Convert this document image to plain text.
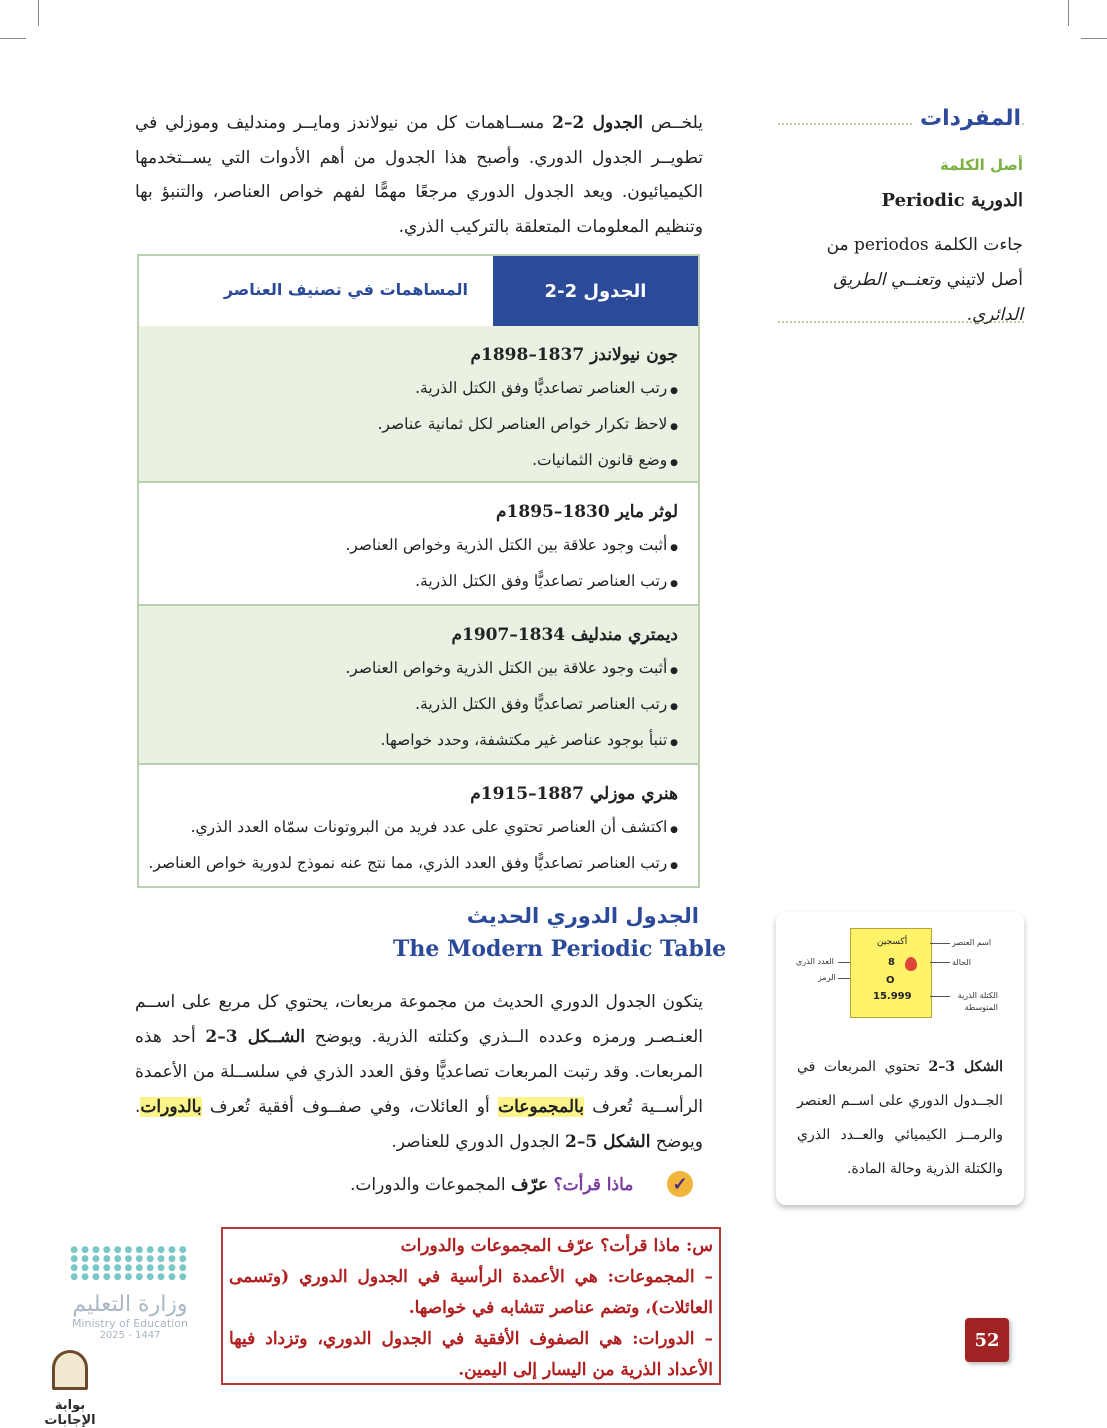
يلخــص الجدول 2–2 مســاهمات كل من نيولاندز ومايــر ومندليف وموزلي في تطويــر الجدول الدوري. وأصبح هذا الجدول من أهم الأدوات التي يســتخدمها الكيميائيون. ويعد الجدول الدوري مرجعًا مهمًّا لفهم خواص العناصر، والتنبؤ بها وتنظيم المعلومات المتعلقة بالتركيب الذري.
المفردات
أصل الكلمة
الدورية Periodic
جاءت الكلمة periodos من أصل لاتيني وتعنــي الطريق الدائري.
الجدول 2-2
المساهمات في تصنيف العناصر
جون نيولاندز 1837–1898م
● رتب العناصر تصاعديًّا وفق الكتل الذرية.
● لاحظ تكرار خواص العناصر لكل ثمانية عناصر.
● وضع قانون الثمانيات.
لوثر ماير 1830–1895م
● أثبت وجود علاقة بين الكتل الذرية وخواص العناصر.
● رتب العناصر تصاعديًّا وفق الكتل الذرية.
ديمتري مندليف 1834–1907م
● أثبت وجود علاقة بين الكتل الذرية وخواص العناصر.
● رتب العناصر تصاعديًّا وفق الكتل الذرية.
● تنبأ بوجود عناصر غير مكتشفة، وحدد خواصها.
هنري موزلي 1887–1915م
● اكتشف أن العناصر تحتوي على عدد فريد من البروتونات سمّاه العدد الذري.
● رتب العناصر تصاعديًّا وفق العدد الذري، مما نتج عنه نموذج لدورية خواص العناصر.
الجدول الدوري الحديث
The Modern Periodic Table
يتكون الجدول الدوري الحديث من مجموعة مربعات، يحتوي كل مربع على اســم العنـصـر ورمزه وعدده الــذري وكتلته الذرية. ويوضح الشــكل 3–2 أحد هذه المربعات. وقد رتبت المربعات تصاعديًّا وفق العدد الذري في سلســلة من الأعمدة الرأســية تُعرف بالمجموعات أو العائلات، وفي صفــوف أفقية تُعرف بالدورات. ويوضح الشكل 5–2 الجدول الدوري للعناصر.
✓
ماذا قرأت؟ عرّف المجموعات والدورات.
أكسجين
8
O
15.999
اسم العنصر
الحالة
الكتلة الذرية المتوسطة
العدد الذري
الرمز
الشكل 3–2 تحتوي المربعات في الجــدول الدوري على اســم العنصر والرمــز الكيميائي والعــدد الذري والكتلة الذرية وحالة المادة.
س: ماذا قرأت؟ عرّف المجموعات والدورات
– المجموعات: هي الأعمدة الرأسية في الجدول الدوري (وتسمى العائلات)، وتضم عناصر تتشابه في خواصها.
– الدورات: هي الصفوف الأفقية في الجدول الدوري، وتزداد فيها الأعداد الذرية من اليسار إلى اليمين.
52
●●●●●●●●●●●
●●●●●●●●●●●
●●●●●●●●●●●
●●●●●●●●●●●
وزارة التعليم
Ministry of Education
2025 - 1447
بوابة الإجابات
